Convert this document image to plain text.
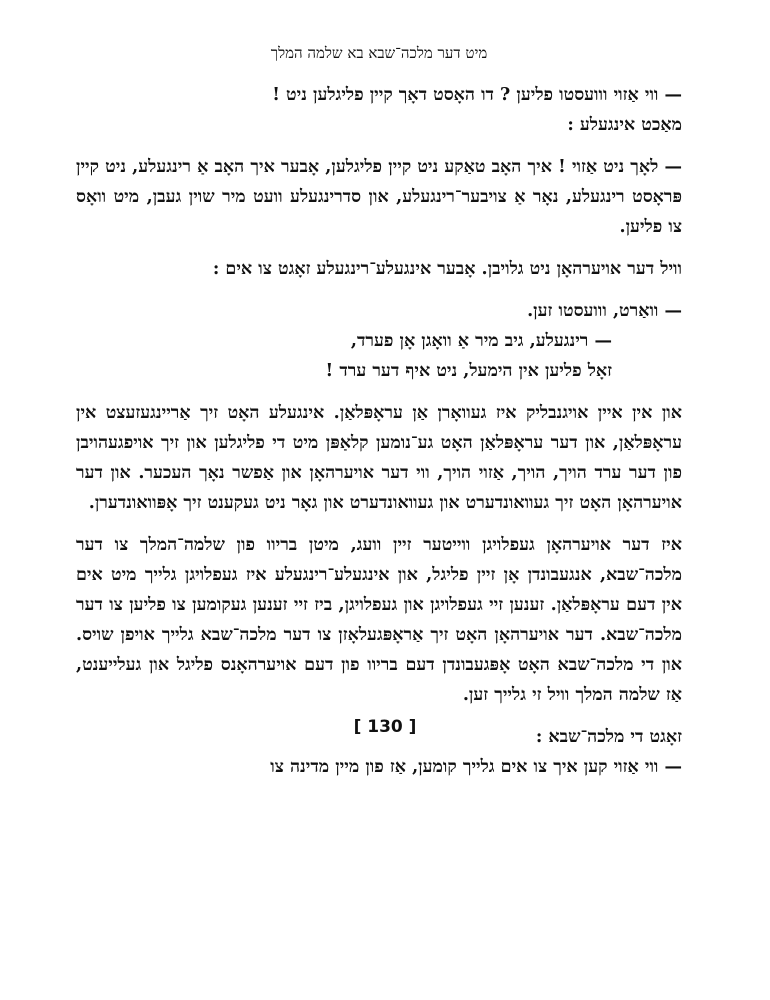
מיט דער מלכה־שבא בא שלמה המלך

— ווי אַזוי ווועסטו פליען ? דו האָסט דאָך קיין פליגלען ניט !

מאַכט אינגעלע :

— לאָך ניט אַזוי ! איך האָב טאַקע ניט קיין פליגלען, אָבער איך האָב אַ רינגעלע, ניט קיין פּראָסט רינגעלע, נאָר אַ צויבער־רינגעלע, און סדרינגעלע וועט מיר שוין געבן, מיט וואָס צו פליען.

וויל דער אויערהאָן ניט גלויבן. אָבער אינגעלע־רינגעלע זאָגט צו אים :

— וואַרט, ווועסטו זען.

— רינגעלע, גיב מיר אַ וואָגן אָן פערד,

זאָל פליען אין הימעל, ניט איף דער ערד !

און אין איין אויגנבליק איז געוואָרן אַן עראָפּלאַן. אינגעלע האָט זיך אַריינגעזעצט אין עראָפּלאַן, און דער עראָפּלאַן האָט גע־נומען קלאַפּן מיט די פליגלען און זיך אויפגעהויבן פון דער ערד הויך, הויך, אַזוי הויך, ווי דער אויערהאָן און אַפשר נאָך העכער. און דער אויערהאָן האָט זיך געוואונדערט און געוואונדערט און גאָר ניט געקענט זיך אָפּוואונדערן.

איז דער אויערהאָן געפלויגן ווייטער זיין וועג, מיטן בריוו פון שלמה־המלך צו דער מלכה־שבא, אנגעבונדן אָן זיין פליגל, און אינגעלע־רינגעלע איז געפלויגן גלייך מיט אים אין דעם עראָפּלאַן. זענען זיי געפלויגן און געפלויגן, ביז זיי זענען געקומען צו פליען צו דער מלכה־שבא. דער אויערהאָן האָט זיך אַראָפּגעלאָזן צו דער מלכה־שבא גלייך אויפן שויס. און די מלכה־שבא האָט אָפּגעבונדן דעם בריוו פון דעם אויערהאָנס פליגל און געלייענט, אַז שלמה המלך וויל זי גלייך זען.

זאָגט די מלכה־שבא :

— ווי אַזוי קען איך צו אים גלייך קומען, אַז פון מיין מדינה צו

[ 130 ]
